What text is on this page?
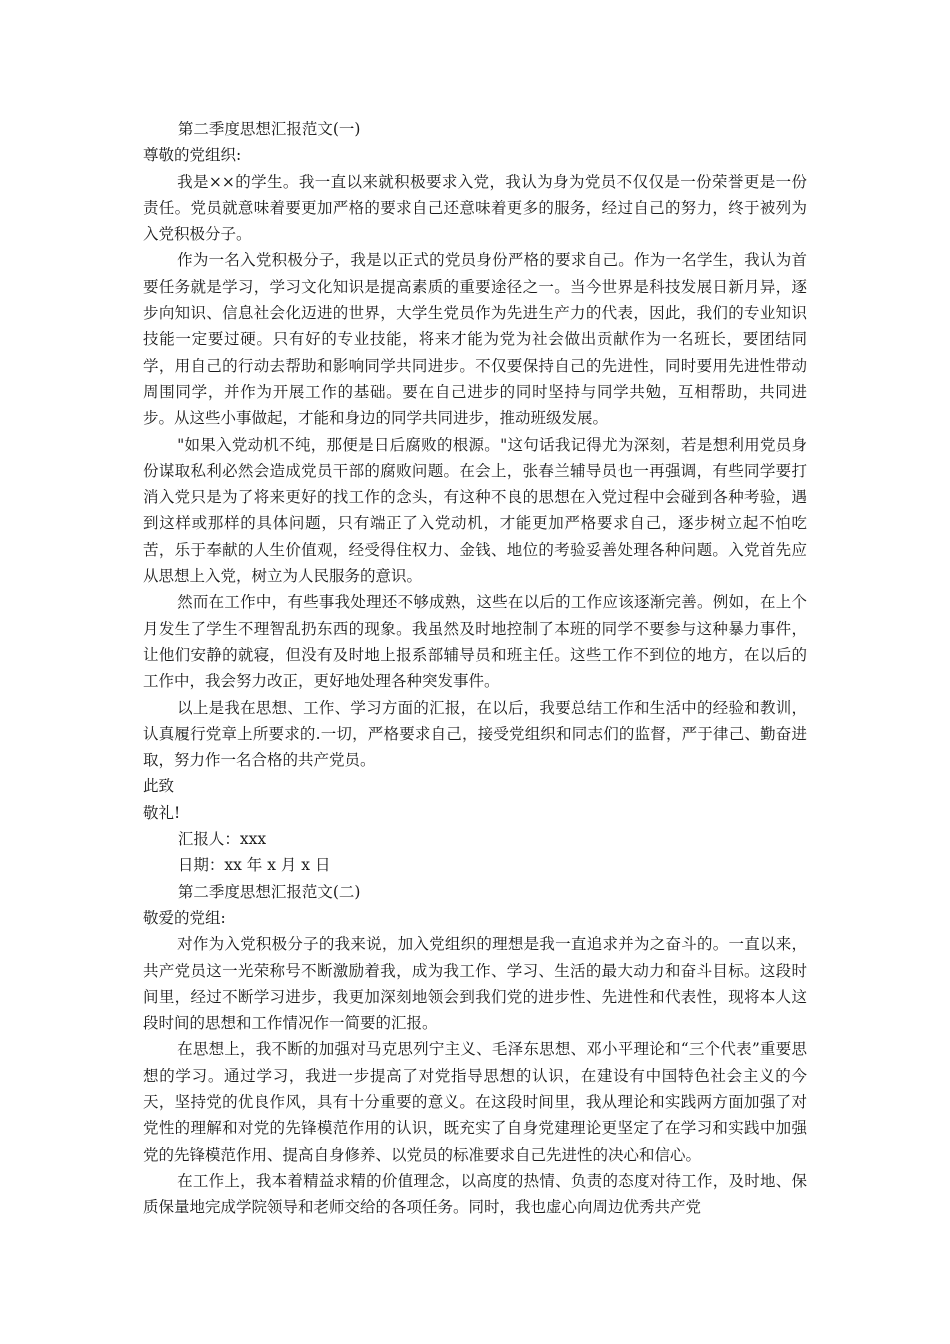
第二季度思想汇报范文(一)

尊敬的党组织:

我是××的学生。我一直以来就积极要求入党，我认为身为党员不仅仅是一份荣誉更是一份责任。党员就意味着要更加严格的要求自己还意味着更多的服务，经过自己的努力，终于被列为入党积极分子。

作为一名入党积极分子，我是以正式的党员身份严格的要求自己。作为一名学生，我认为首要任务就是学习，学习文化知识是提高素质的重要途径之一。当今世界是科技发展日新月异，逐步向知识、信息社会化迈进的世界，大学生党员作为先进生产力的代表，因此，我们的专业知识技能一定要过硬。只有好的专业技能，将来才能为党为社会做出贡献作为一名班长，要团结同学，用自己的行动去帮助和影响同学共同进步。不仅要保持自己的先进性，同时要用先进性带动周围同学，并作为开展工作的基础。要在自己进步的同时坚持与同学共勉，互相帮助，共同进步。从这些小事做起，才能和身边的同学共同进步，推动班级发展。

"如果入党动机不纯，那便是日后腐败的根源。"这句话我记得尤为深刻，若是想利用党员身份谋取私利必然会造成党员干部的腐败问题。在会上，张春兰辅导员也一再强调，有些同学要打消入党只是为了将来更好的找工作的念头，有这种不良的思想在入党过程中会碰到各种考验，遇到这样或那样的具体问题，只有端正了入党动机，才能更加严格要求自己，逐步树立起不怕吃苦，乐于奉献的人生价值观，经受得住权力、金钱、地位的考验妥善处理各种问题。入党首先应从思想上入党，树立为人民服务的意识。

然而在工作中，有些事我处理还不够成熟，这些在以后的工作应该逐渐完善。例如，在上个月发生了学生不理智乱扔东西的现象。我虽然及时地控制了本班的同学不要参与这种暴力事件，让他们安静的就寝，但没有及时地上报系部辅导员和班主任。这些工作不到位的地方，在以后的工作中，我会努力改正，更好地处理各种突发事件。

以上是我在思想、工作、学习方面的汇报，在以后，我要总结工作和生活中的经验和教训，认真履行党章上所要求的.一切，严格要求自己，接受党组织和同志们的监督，严于律己、勤奋进取，努力作一名合格的共产党员。

此致

敬礼!

汇报人：xxx

日期：xx 年 x 月 x 日

第二季度思想汇报范文(二)

敬爱的党组:

对作为入党积极分子的我来说，加入党组织的理想是我一直追求并为之奋斗的。一直以来，共产党员这一光荣称号不断激励着我，成为我工作、学习、生活的最大动力和奋斗目标。这段时间里，经过不断学习进步，我更加深刻地领会到我们党的进步性、先进性和代表性，现将本人这段时间的思想和工作情况作一简要的汇报。

在思想上，我不断的加强对马克思列宁主义、毛泽东思想、邓小平理论和“三个代表”重要思想的学习。通过学习，我进一步提高了对党指导思想的认识，在建设有中国特色社会主义的今天，坚持党的优良作风，具有十分重要的意义。在这段时间里，我从理论和实践两方面加强了对党性的理解和对党的先锋模范作用的认识，既充实了自身党建理论更坚定了在学习和实践中加强党的先锋模范作用、提高自身修养、以党员的标准要求自己先进性的决心和信心。

在工作上，我本着精益求精的价值理念，以高度的热情、负责的态度对待工作，及时地、保质保量地完成学院领导和老师交给的各项任务。同时，我也虚心向周边优秀共产党
